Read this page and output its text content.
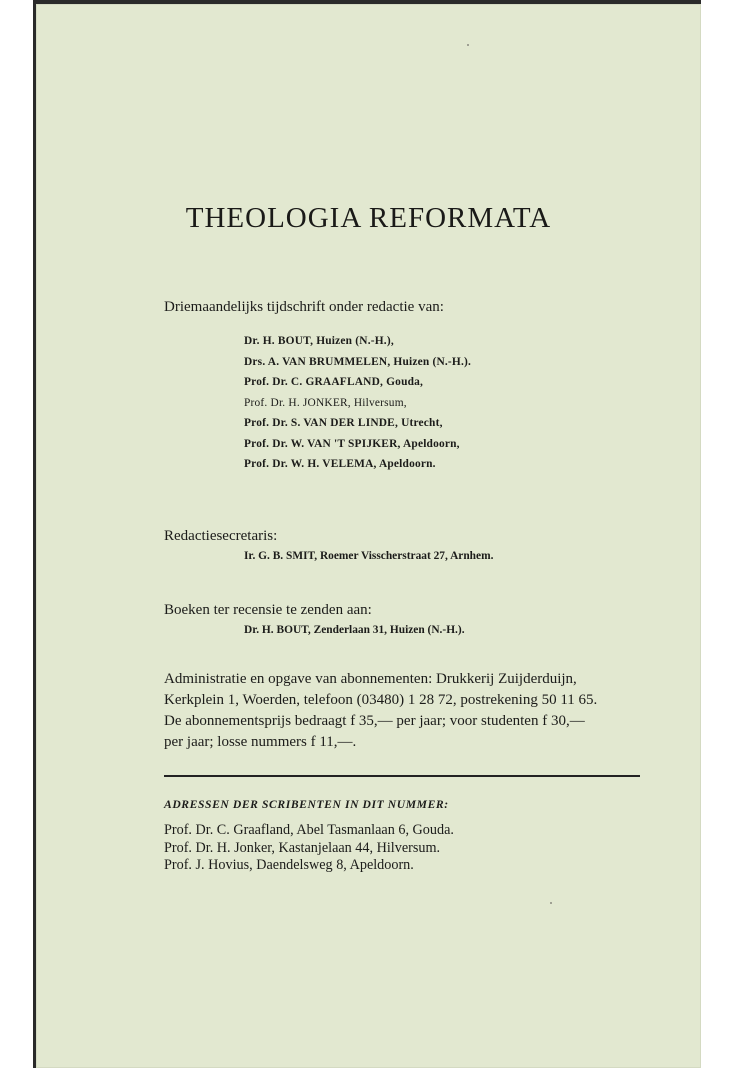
THEOLOGIA REFORMATA
Driemaandelijks tijdschrift onder redactie van:
Dr. H. BOUT, Huizen (N.-H.),
Drs. A. VAN BRUMMELEN, Huizen (N.-H.).
Prof. Dr. C. GRAAFLAND, Gouda,
Prof. Dr. H. JONKER, Hilversum,
Prof. Dr. S. VAN DER LINDE, Utrecht,
Prof. Dr. W. VAN 'T SPIJKER, Apeldoorn,
Prof. Dr. W. H. VELEMA, Apeldoorn.
Redactiesecretaris:
Ir. G. B. SMIT, Roemer Visscherstraat 27, Arnhem.
Boeken ter recensie te zenden aan:
Dr. H. BOUT, Zenderlaan 31, Huizen (N.-H.).
Administratie en opgave van abonnementen: Drukkerij Zuijderduijn,
Kerkplein 1, Woerden, telefoon (03480) 1 28 72, postrekening 50 11 65.
De abonnementsprijs bedraagt f 35,— per jaar; voor studenten f 30,—
per jaar; losse nummers f 11,—.
ADRESSEN DER SCRIBENTEN IN DIT NUMMER:
Prof. Dr. C. Graafland, Abel Tasmanlaan 6, Gouda.
Prof. Dr. H. Jonker, Kastanjelaan 44, Hilversum.
Prof. J. Hovius, Daendelsweg 8, Apeldoorn.
